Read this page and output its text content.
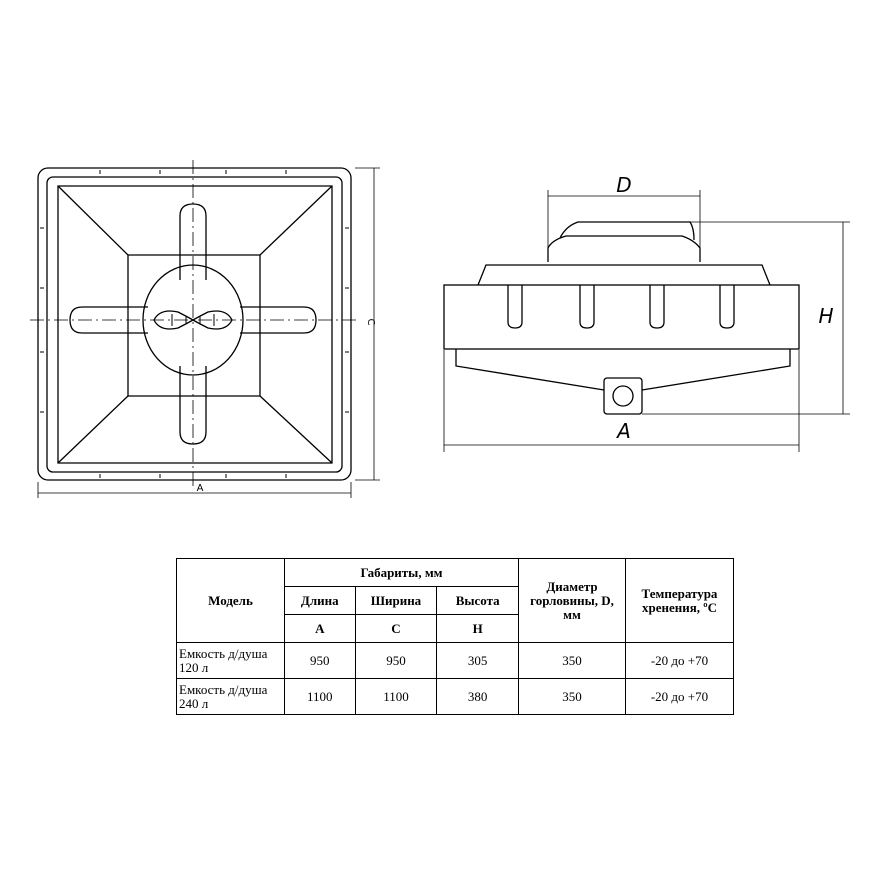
A
C
D
H
A
Модель	Габариты, мм			Диаметр горловины, D, мм	Температура хренения, ºC
	Длина	Ширина	Высота		
	A	C	H		
Емкость д/душа 120 л	950	950	305	350	-20 до +70
Емкость д/душа 240 л	1100	1100	380	350	-20 до +70
